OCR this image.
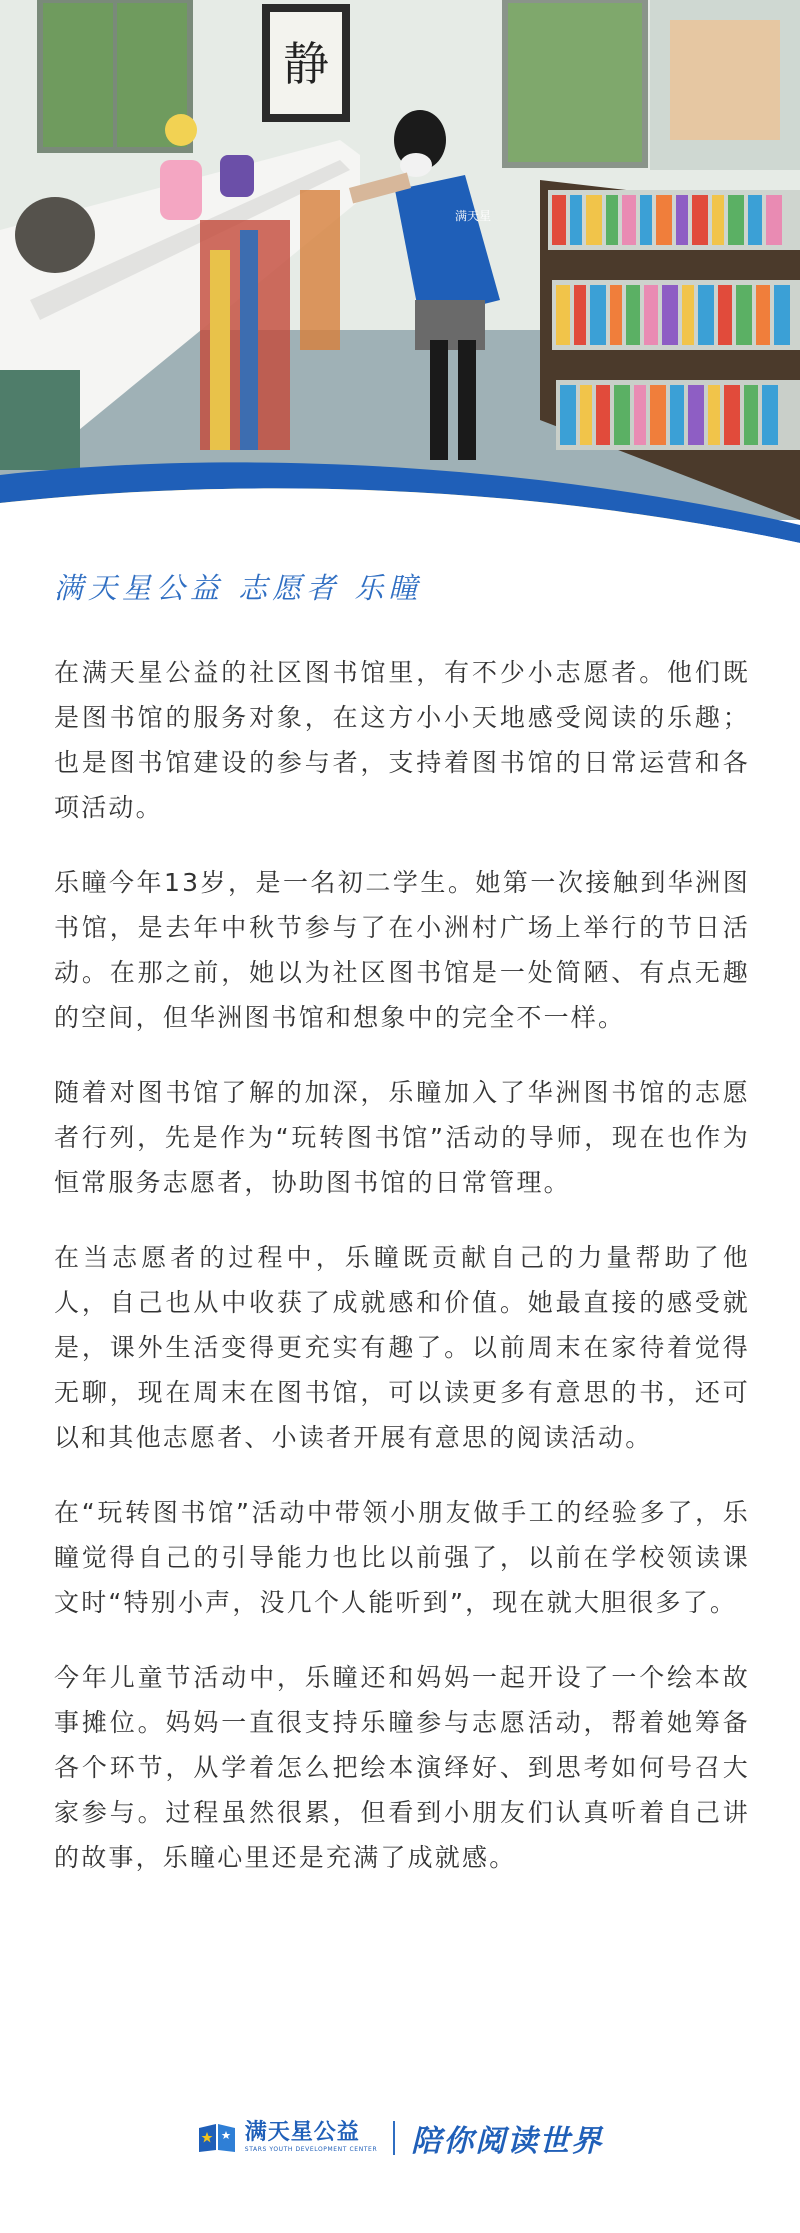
静
满天星
满天星公益 志愿者 乐瞳

在满天星公益的社区图书馆里，有不少小志愿者。他们既是图书馆的服务对象，在这方小小天地感受阅读的乐趣；也是图书馆建设的参与者，支持着图书馆的日常运营和各项活动。

乐瞳今年13岁，是一名初二学生。她第一次接触到华洲图书馆，是去年中秋节参与了在小洲村广场上举行的节日活动。在那之前，她以为社区图书馆是一处简陋、有点无趣的空间，但华洲图书馆和想象中的完全不一样。

随着对图书馆了解的加深，乐瞳加入了华洲图书馆的志愿者行列，先是作为“玩转图书馆”活动的导师，现在也作为恒常服务志愿者，协助图书馆的日常管理。

在当志愿者的过程中，乐瞳既贡献自己的力量帮助了他人，自己也从中收获了成就感和价值。她最直接的感受就是，课外生活变得更充实有趣了。以前周末在家待着觉得无聊，现在周末在图书馆，可以读更多有意思的书，还可以和其他志愿者、小读者开展有意思的阅读活动。

在“玩转图书馆”活动中带领小朋友做手工的经验多了，乐瞳觉得自己的引导能力也比以前强了，以前在学校领读课文时“特别小声，没几个人能听到”，现在就大胆很多了。

今年儿童节活动中，乐瞳还和妈妈一起开设了一个绘本故事摊位。妈妈一直很支持乐瞳参与志愿活动，帮着她筹备各个环节，从学着怎么把绘本演绎好、到思考如何号召大家参与。过程虽然很累，但看到小朋友们认真听着自己讲的故事，乐瞳心里还是充满了成就感。

满天星公益
STARS YOUTH DEVELOPMENT CENTER 陪你阅读世界
